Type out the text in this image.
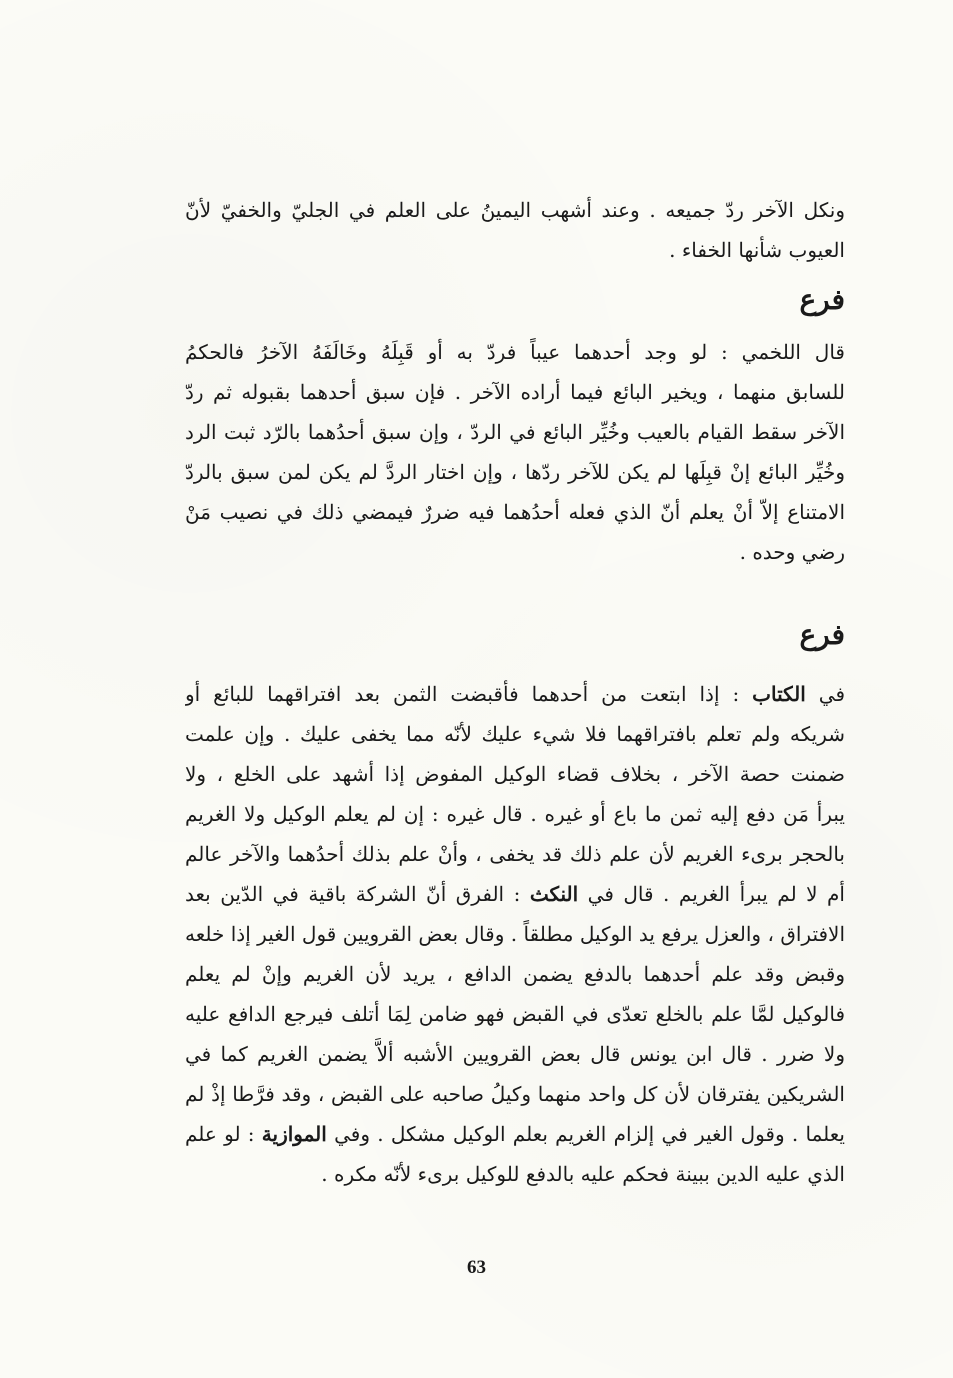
ونكل الآخر ردّ جميعه . وعند أشهب اليمينُ على العلم في الجليّ والخفيّ لأنّ
العيوب شأنها الخفاء .
فرع
قال اللخمي : لو وجد أحدهما عيباً فردّ به أو قَبِلَهُ وخَالَفَهُ الآخرُ فالحكمُ
للسابق منهما ، ويخير البائع فيما أراده الآخر . فإن سبق أحدهما بقبوله ثم ردّ
الآخر سقط القيام بالعيب وخُيِّر البائع في الردّ ، وإن سبق أحدُهما بالرّد ثبت الرد
وخُيِّر البائع إنْ قبِلَها لم يكن للآخر ردّها ، وإن اختار الردَّ لم يكن لمن سبق بالردّ
الامتناع إلاّ أنْ يعلم أنّ الذي فعله أحدُهما فيه ضررٌ فيمضي ذلك في نصيب مَنْ
رضي وحده .
فرع
في الكتاب : إذا ابتعت من أحدهما فأقبضت الثمن بعد افتراقهما للبائع أو
شريكه ولم تعلم بافتراقهما فلا شيء عليك لأنّه مما يخفى عليك . وإن علمت
ضمنت حصة الآخر ، بخلاف قضاء الوكيل المفوض إذا أشهد على الخلع ، ولا
يبرأ مَن دفع إليه ثمن ما باع أو غيره . قال غيره : إن لم يعلم الوكيل ولا الغريم
بالحجر برىء الغريم لأن علم ذلك قد يخفى ، وأنْ علم بذلك أحدُهما والآخر عالم
أم لا لم يبرأ الغريم . قال في النكث : الفرق أنّ الشركة باقية في الدّين بعد
الافتراق ، والعزل يرفع يد الوكيل مطلقاً . وقال بعض القرويين قول الغير إذا خلعه
وقبض وقد علم أحدهما بالدفع يضمن الدافع ، يريد لأن الغريم وإنْ لم يعلم
فالوكيل لمَّا علم بالخلع تعدّى في القبض فهو ضامن لِمَا أتلف فيرجع الدافع عليه
ولا ضرر . قال ابن يونس قال بعض القرويين الأشبه ألاَّ يضمن الغريم كما في
الشريكين يفترقان لأن كل واحد منهما وكيلُ صاحبه على القبض ، وقد فرَّطا إذْ لم
يعلما . وقول الغير في إلزام الغريم بعلم الوكيل مشكل . وفي الموازية : لو علم
الذي عليه الدين ببينة فحكم عليه بالدفع للوكيل برىء لأنّه مكره .
63
